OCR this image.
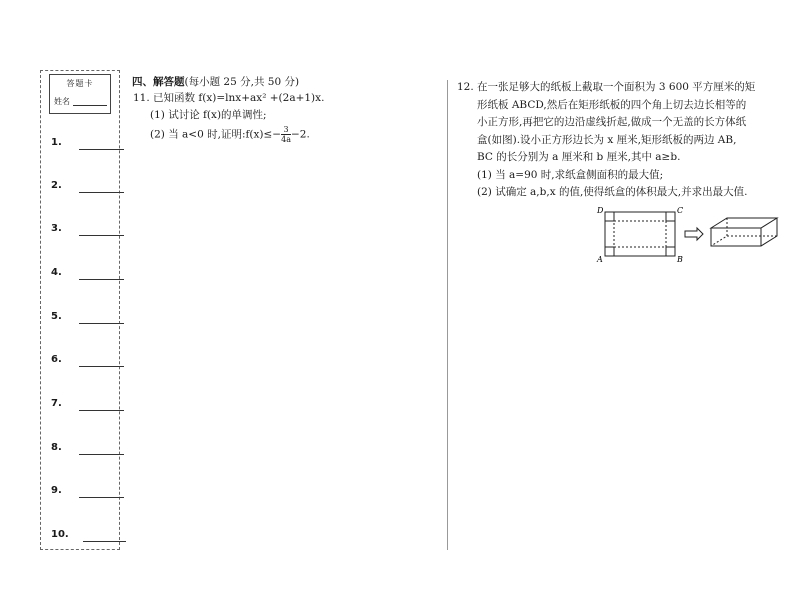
答题卡
姓名
1.
2.
3.
4.
5.
6.
7.
8.
9.
10.
四、解答题(每小题 25 分,共 50 分)
11. 已知函数 f(x)=lnx+ax² +(2a+1)x.
(1) 试讨论 f(x)的单调性;
(2) 当 a<0 时,证明:f(x)≤− $\frac{3}{4a} -2$.
12. 在一张足够大的纸板上截取一个面积为 3 600 平方厘米的矩
形纸板 ABCD,然后在矩形纸板的四个角上切去边长相等的
小正方形,再把它的边沿虚线折起,做成一个无盖的长方体纸
盒(如图).设小正方形边长为 x 厘米,矩形纸板的两边 AB,
BC 的长分别为 a 厘米和 b 厘米,其中 a≥b.
(1) 当 a=90 时,求纸盒侧面积的最大值;
(2) 试确定 a,b,x 的值,使得纸盒的体积最大,并求出最大值.
D	C
A	B
